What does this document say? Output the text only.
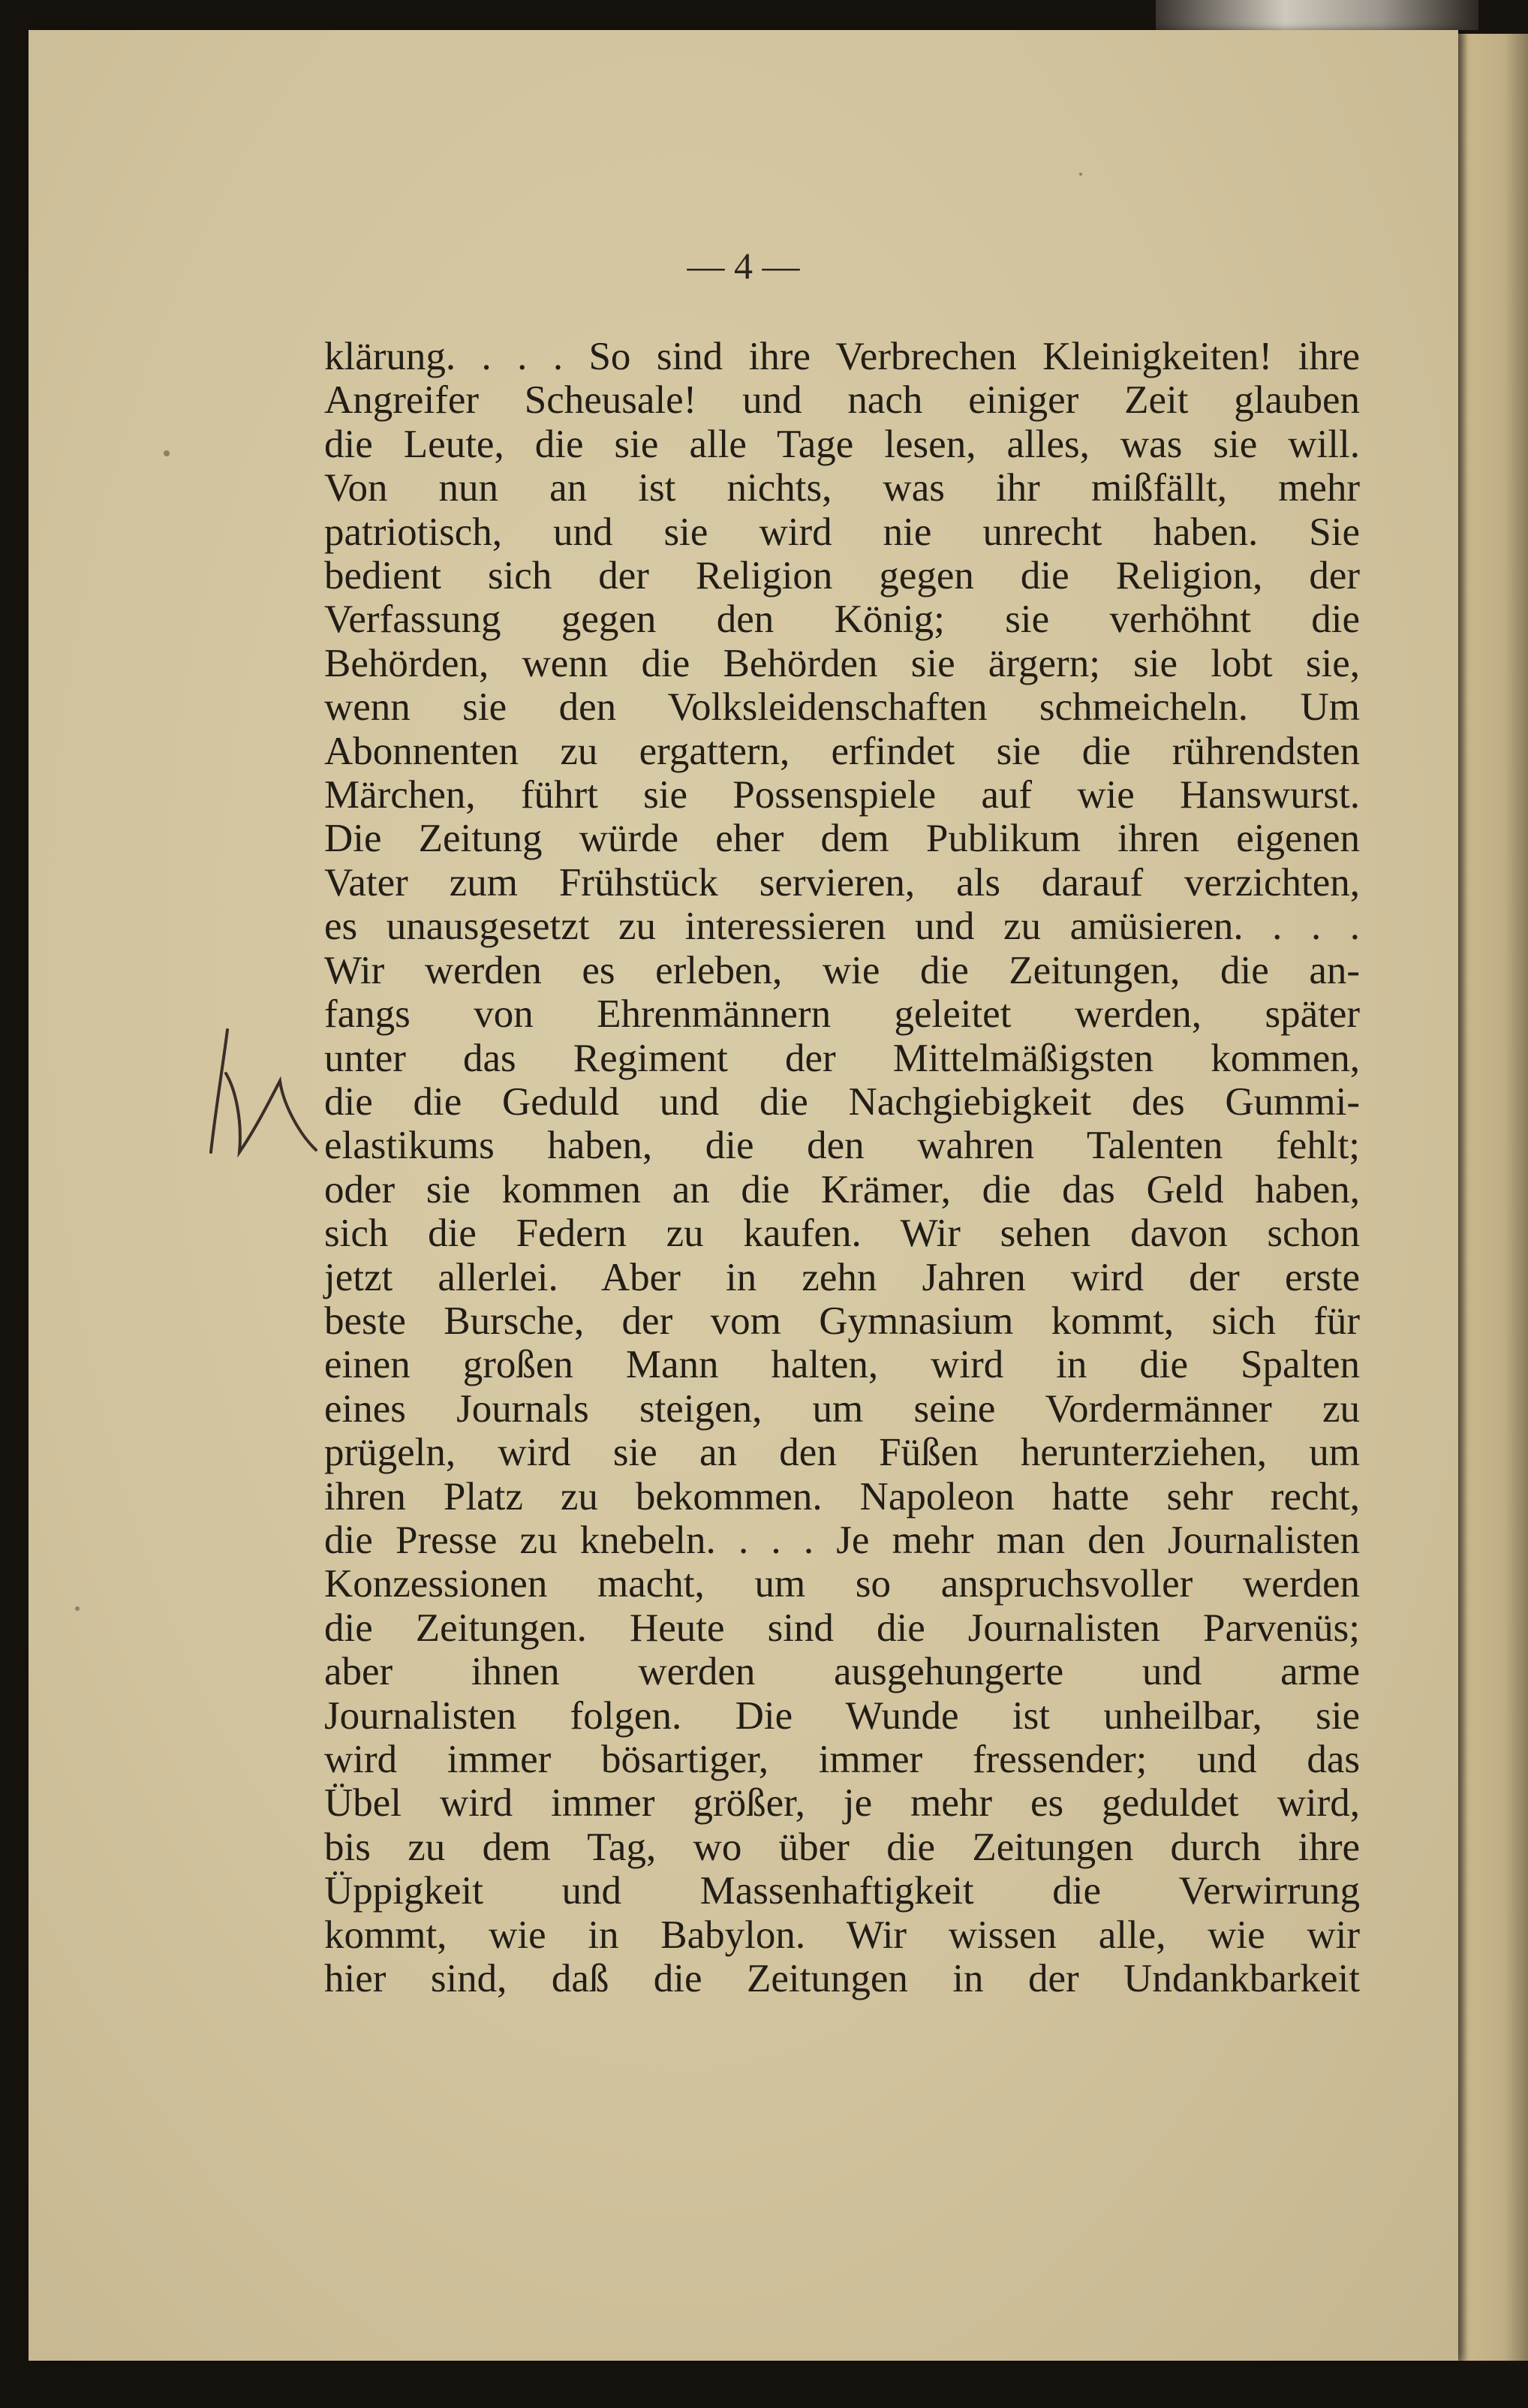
— 4 —
klärung. . . . So sind ihre Verbrechen Kleinigkeiten! ihre
Angreifer Scheusale! und nach einiger Zeit glauben
die Leute, die sie alle Tage lesen, alles, was sie will.
Von nun an ist nichts, was ihr mißfällt, mehr
patriotisch, und sie wird nie unrecht haben. Sie
bedient sich der Religion gegen die Religion, der
Verfassung gegen den König; sie verhöhnt die
Behörden, wenn die Behörden sie ärgern; sie lobt sie,
wenn sie den Volksleidenschaften schmeicheln. Um
Abonnenten zu ergattern, erfindet sie die rührendsten
Märchen, führt sie Possenspiele auf wie Hanswurst.
Die Zeitung würde eher dem Publikum ihren eigenen
Vater zum Frühstück servieren, als darauf verzichten,
es unausgesetzt zu interessieren und zu amüsieren. . . .
Wir werden es erleben, wie die Zeitungen, die an-
fangs von Ehrenmännern geleitet werden, später
unter das Regiment der Mittelmäßigsten kommen,
die die Geduld und die Nachgiebigkeit des Gummi-
elastikums haben, die den wahren Talenten fehlt;
oder sie kommen an die Krämer, die das Geld haben,
sich die Federn zu kaufen. Wir sehen davon schon
jetzt allerlei. Aber in zehn Jahren wird der erste
beste Bursche, der vom Gymnasium kommt, sich für
einen großen Mann halten, wird in die Spalten
eines Journals steigen, um seine Vordermänner zu
prügeln, wird sie an den Füßen herunterziehen, um
ihren Platz zu bekommen. Napoleon hatte sehr recht,
die Presse zu knebeln. . . . Je mehr man den Journalisten
Konzessionen macht, um so anspruchsvoller werden
die Zeitungen. Heute sind die Journalisten Parvenüs;
aber ihnen werden ausgehungerte und arme
Journalisten folgen. Die Wunde ist unheilbar, sie
wird immer bösartiger, immer fressender; und das
Übel wird immer größer, je mehr es geduldet wird,
bis zu dem Tag, wo über die Zeitungen durch ihre
Üppigkeit und Massenhaftigkeit die Verwirrung
kommt, wie in Babylon. Wir wissen alle, wie wir
hier sind, daß die Zeitungen in der Undankbarkeit
